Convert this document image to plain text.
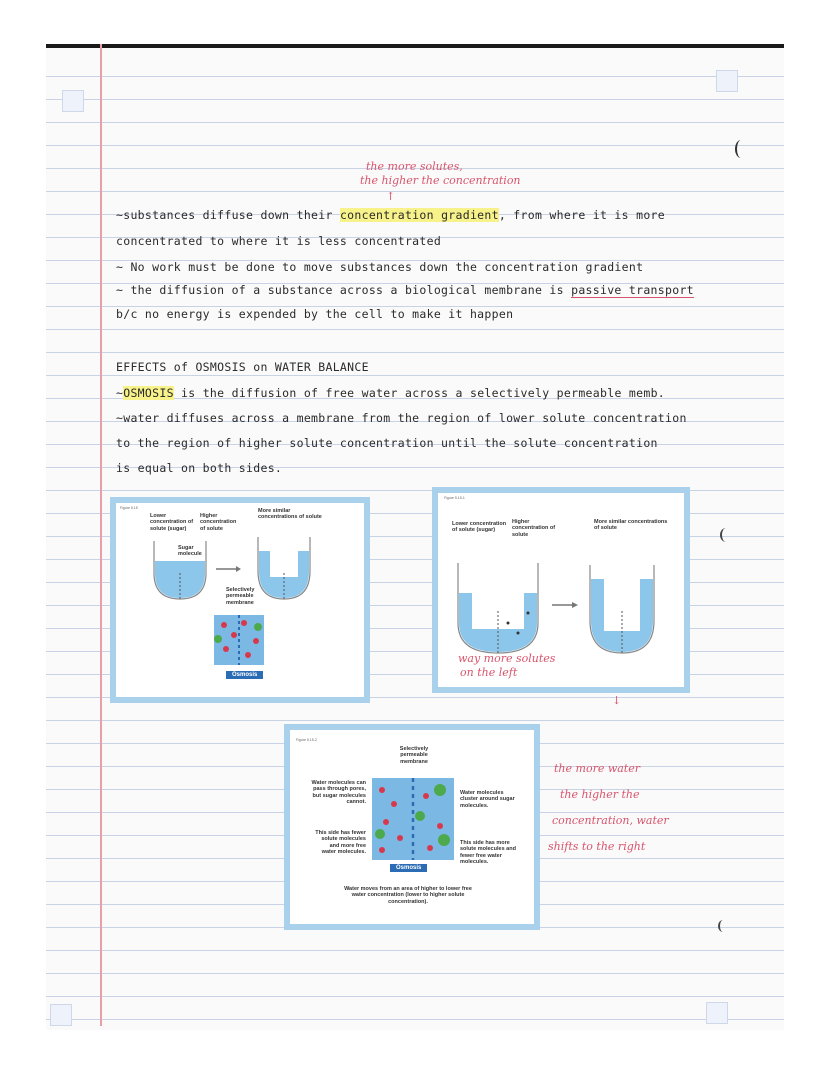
the more solutes,
the higher the concentration
↑
~substances diffuse down their concentration gradient, from where it is more
concentrated to where it is less concentrated
~ No work must be done to move substances down the concentration gradient
~ the diffusion of a substance across a biological membrane is passive transport
b/c no energy is expended by the cell to make it happen
EFFECTS of OSMOSIS on WATER BALANCE
~OSMOSIS is the diffusion of free water across a selectively permeable memb.
~water diffuses across a membrane from the region of lower solute concentration
to the region of higher solute concentration until the solute concentration
is equal on both sides.
Figure 5.15
Lower concentration of solute (sugar)
Higher concentration of solute
More similar concentrations of solute
Sugar molecule
Selectively permeable membrane
Osmosis
Figure 5.15-1
Lower concentration of solute (sugar)
Higher concentration of solute
More similar concentrations of solute
way more solutes
on the left
↓
Figure 5.15-2
Selectively permeable membrane
Water molecules can pass through pores, but sugar molecules cannot.
This side has fewer solute molecules and more free water molecules.
Water molecules cluster around sugar molecules.
This side has more solute molecules and fewer free water molecules.
Osmosis
Water moves from an area of higher to lower free water concentration (lower to higher solute concentration).
the more water
the higher the
concentration, water
shifts to the right
